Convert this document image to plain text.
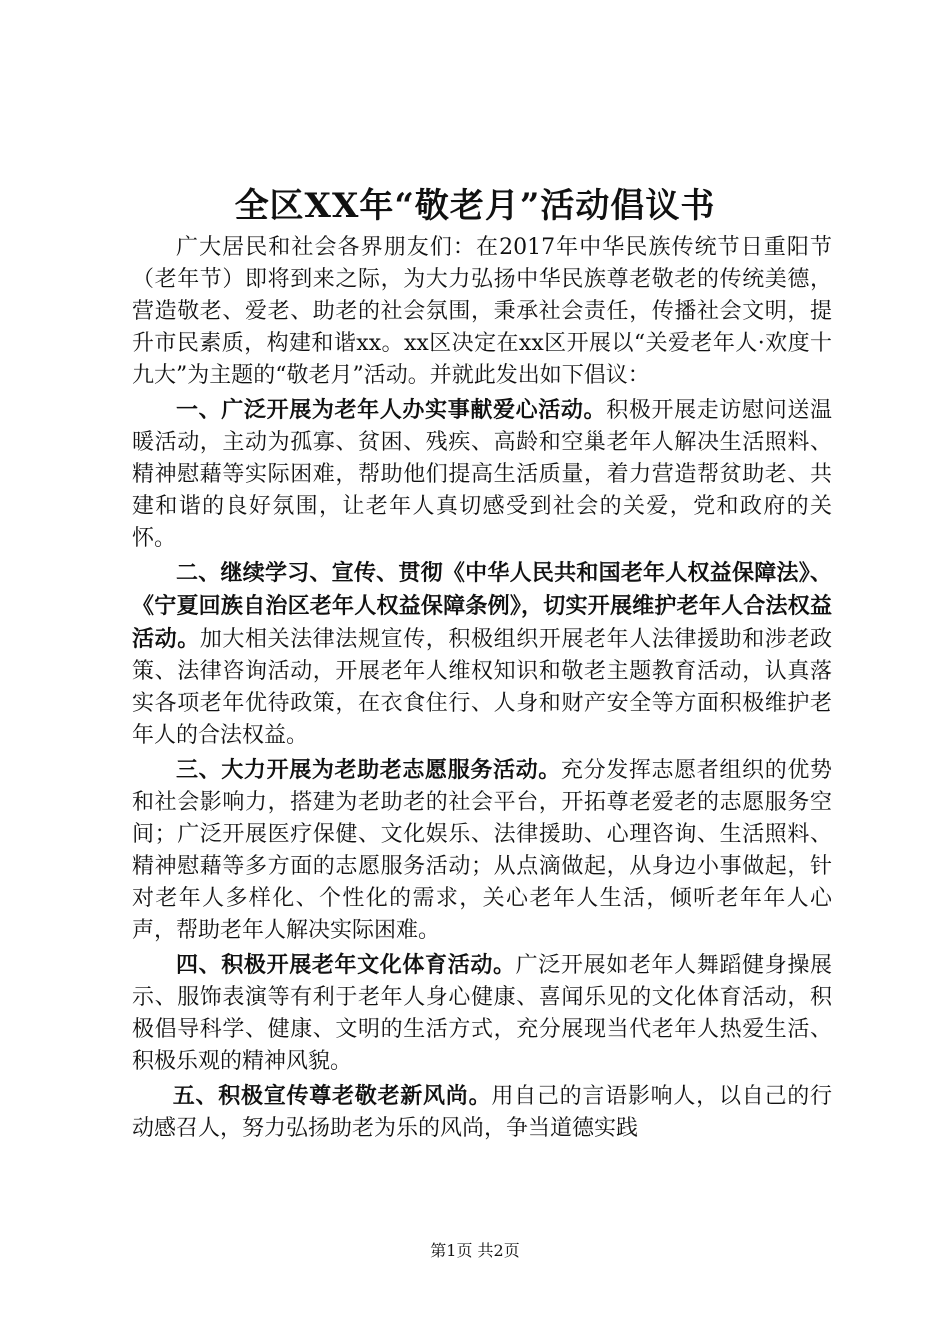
全区XX年“敬老月”活动倡议书

广大居民和社会各界朋友们：在2017年中华民族传统节日重阳节（老年节）即将到来之际，为大力弘扬中华民族尊老敬老的传统美德，营造敬老、爱老、助老的社会氛围，秉承社会责任，传播社会文明，提升市民素质，构建和谐xx。xx区决定在xx区开展以“关爱老年人·欢度十九大”为主题的“敬老月”活动。并就此发出如下倡议：

一、广泛开展为老年人办实事献爱心活动。积极开展走访慰问送温暖活动，主动为孤寡、贫困、残疾、高龄和空巢老年人解决生活照料、精神慰藉等实际困难，帮助他们提高生活质量，着力营造帮贫助老、共建和谐的良好氛围，让老年人真切感受到社会的关爱，党和政府的关怀。

二、继续学习、宣传、贯彻《中华人民共和国老年人权益保障法》、《宁夏回族自治区老年人权益保障条例》，切实开展维护老年人合法权益活动。加大相关法律法规宣传，积极组织开展老年人法律援助和涉老政策、法律咨询活动，开展老年人维权知识和敬老主题教育活动，认真落实各项老年优待政策，在衣食住行、人身和财产安全等方面积极维护老年人的合法权益。

三、大力开展为老助老志愿服务活动。充分发挥志愿者组织的优势和社会影响力，搭建为老助老的社会平台，开拓尊老爱老的志愿服务空间；广泛开展医疗保健、文化娱乐、法律援助、心理咨询、生活照料、精神慰藉等多方面的志愿服务活动；从点滴做起，从身边小事做起，针对老年人多样化、个性化的需求，关心老年人生活，倾听老年年人心声，帮助老年人解决实际困难。

四、积极开展老年文化体育活动。广泛开展如老年人舞蹈健身操展示、服饰表演等有利于老年人身心健康、喜闻乐见的文化体育活动，积极倡导科学、健康、文明的生活方式，充分展现当代老年人热爱生活、积极乐观的精神风貌。

五、积极宣传尊老敬老新风尚。用自己的言语影响人，以自己的行动感召人，努力弘扬助老为乐的风尚，争当道德实践

第1页 共2页
